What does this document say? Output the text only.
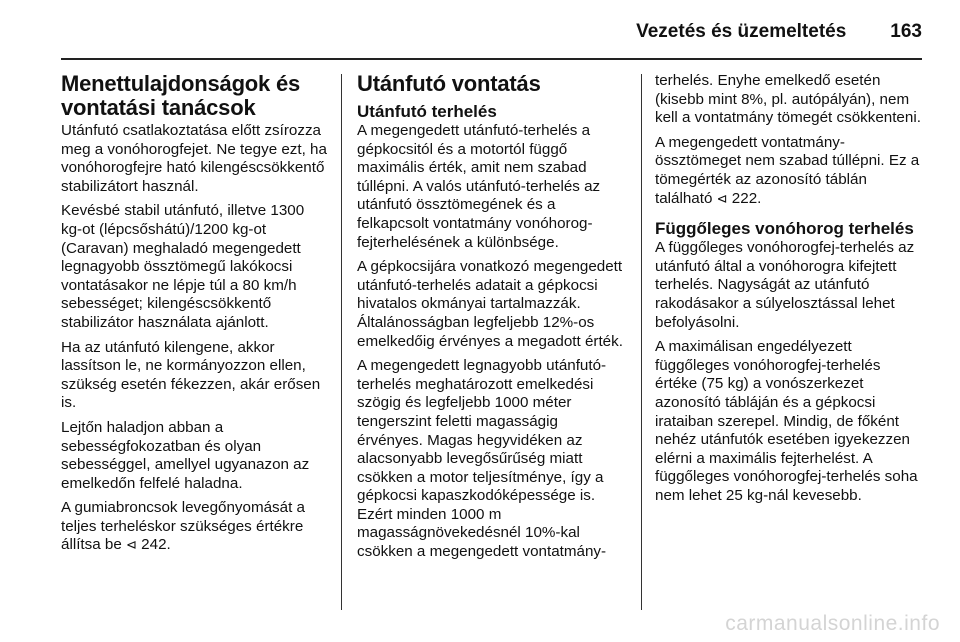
Vezetés és üzemeltetés 163
Menettulajdonságok és vontatási tanácsok

Utánfutó csatlakoztatása előtt zsírozza meg a vonóhorogfejet. Ne tegye ezt, ha vonóhorogfejre ható kilengéscsökkentő stabilizátort használ.

Kevésbé stabil utánfutó, illetve 1300 kg-ot (lépcsőshátú)/1200 kg-ot (Caravan) meghaladó megengedett legnagyobb össztömegű lakókocsi vontatásakor ne lépje túl a 80 km/h sebességet; kilengéscsökkentő stabilizátor használata ajánlott.

Ha az utánfutó kilengene, akkor lassítson le, ne kormányozzon ellen, szükség esetén fékezzen, akár erősen is.

Lejtőn haladjon abban a sebességfokozatban és olyan sebességgel, amellyel ugyanazon az emelkedőn felfelé haladna.

A gumiabroncsok levegőnyomását a teljes terheléskor szükséges értékre állítsa be ⊲ 242.

Utánfutó vontatás
Utánfutó terhelés

A megengedett utánfutó-terhelés a gépkocsitól és a motortól függő maximális érték, amit nem szabad túllépni. A valós utánfutó-terhelés az utánfutó össztömegének és a felkapcsolt vontatmány vonóhorog-fejterhelésének a különbsége.

A gépkocsijára vonatkozó megengedett utánfutó-terhelés adatait a gépkocsi hivatalos okmányai tartalmazzák. Általánosságban legfeljebb 12%-os emelkedőig érvényes a megadott érték.

A megengedett legnagyobb utánfutó-terhelés meghatározott emelkedési szögig és legfeljebb 1000 méter tengerszint feletti magasságig érvényes. Magas hegyvidéken az alacsonyabb levegősűrűség miatt csökken a motor teljesítménye, így a gépkocsi kapaszkodóképessége is. Ezért minden 1000 m magasságnövekedésnél 10%-kal csökken a megengedett vontatmány-

terhelés. Enyhe emelkedő esetén (kisebb mint 8%, pl. autópályán), nem kell a vontatmány tömegét csökkenteni.

A megengedett vontatmány-össztömeget nem szabad túllépni. Ez a tömegérték az azonosító táblán található ⊲ 222.

Függőleges vonóhorog terhelés

A függőleges vonóhorogfej-terhelés az utánfutó által a vonóhorogra kifejtett terhelés. Nagyságát az utánfutó rakodásakor a súlyelosztással lehet befolyásolni.

A maximálisan engedélyezett függőleges vonóhorogfej-terhelés értéke (75 kg) a vonószerkezet azonosító tábláján és a gépkocsi irataiban szerepel. Mindig, de főként nehéz utánfutók esetében igyekezzen elérni a maximális fejterhelést. A függőleges vonóhorogfej-terhelés soha nem lehet 25 kg-nál kevesebb.

carmanualsonline.info
